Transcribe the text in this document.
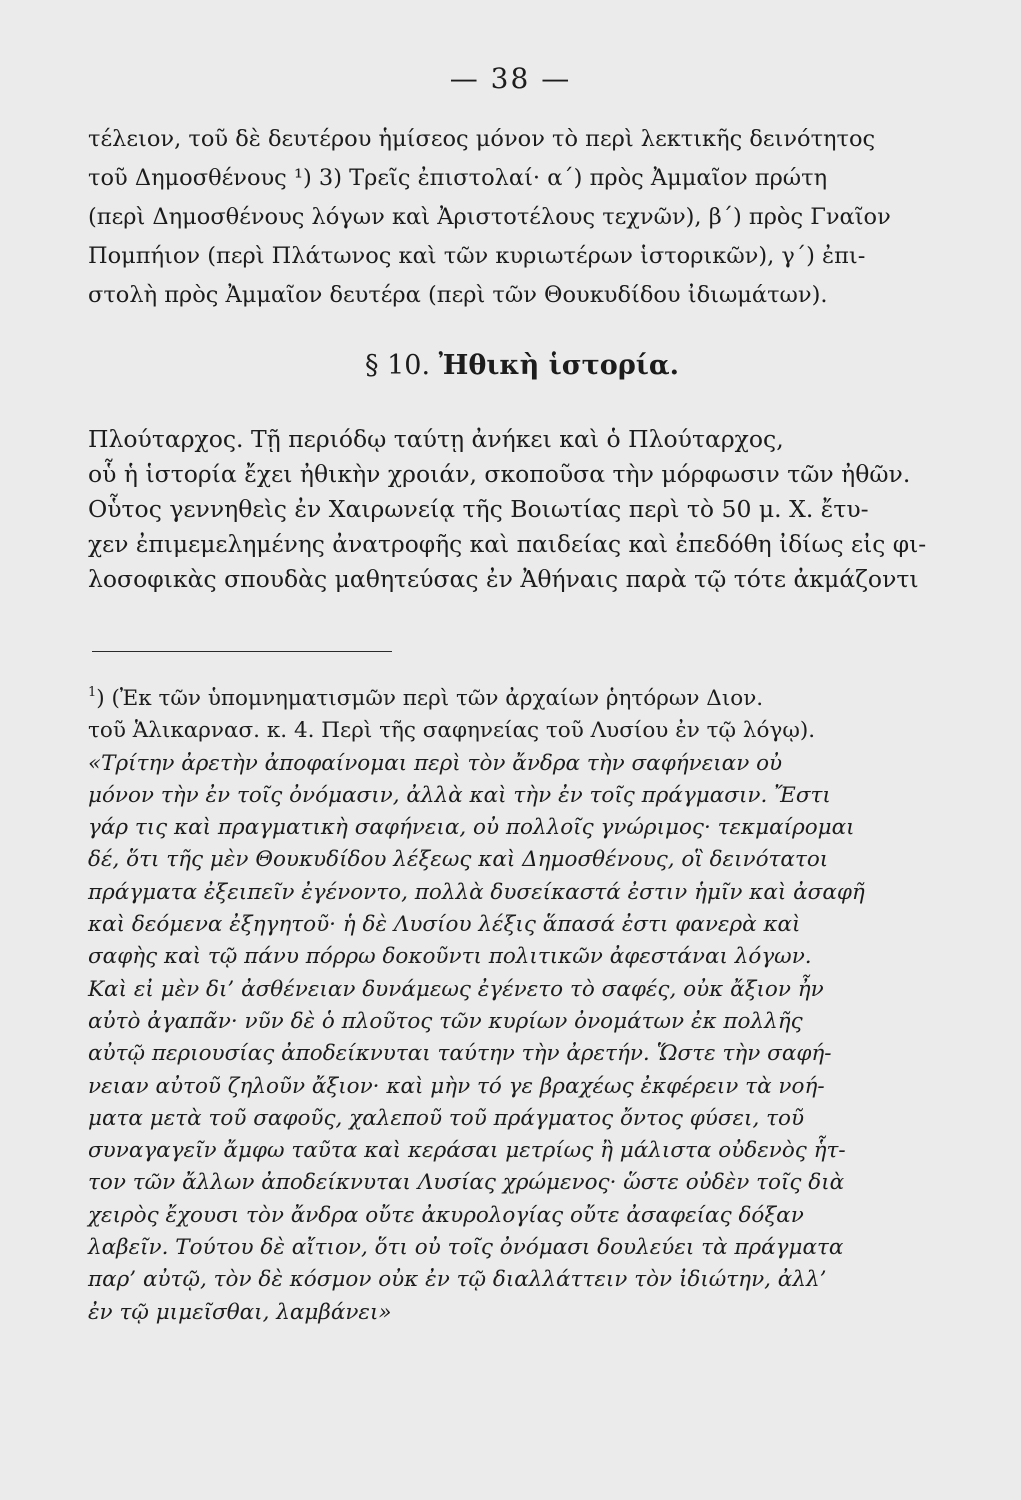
— 38 —
τέλειον, τοῦ δὲ δευτέρου ἡμίσεος μόνον τὸ περὶ λεκτικῆς δεινότητος
τοῦ Δημοσθένους ¹) 3) Τρεῖς ἐπιστολαί· α΄) πρὸς Ἀμμαῖον πρώτη
(περὶ Δημοσθένους λόγων καὶ Ἀριστοτέλους τεχνῶν), β΄) πρὸς Γναῖον
Πομπήιον (περὶ Πλάτωνος καὶ τῶν κυριωτέρων ἱστορικῶν), γ΄) ἐπι-
στολὴ πρὸς Ἀμμαῖον δευτέρα (περὶ τῶν Θουκυδίδου ἰδιωμάτων).
§ 10. Ἠθικὴ ἱστορία.
Πλούταρχος. Τῇ περιόδῳ ταύτῃ ἀνήκει καὶ ὁ Πλούταρχος,
οὗ ἡ ἱστορία ἔχει ἠθικὴν χροιάν, σκοποῦσα τὴν μόρφωσιν τῶν ἠθῶν.
Οὗτος γεννηθεὶς ἐν Χαιρωνείᾳ τῆς Βοιωτίας περὶ τὸ 50 μ. Χ. ἔτυ-
χεν ἐπιμεμελημένης ἀνατροφῆς καὶ παιδείας καὶ ἐπεδόθη ἰδίως εἰς φι-
λοσοφικὰς σπουδὰς μαθητεύσας ἐν Ἀθήναις παρὰ τῷ τότε ἀκμάζοντι
$^1$) (Ἐκ τῶν ὑπομνηματισμῶν περὶ τῶν ἀρχαίων ῥητόρων Διον.
τοῦ Ἁλικαρνασ. κ. 4. Περὶ τῆς σαφηνείας τοῦ Λυσίου ἐν τῷ λόγῳ).
«Τρίτην ἀρετὴν ἀποφαίνομαι περὶ τὸν ἄνδρα τὴν σαφήνειαν οὐ
μόνον τὴν ἐν τοῖς ὀνόμασιν, ἀλλὰ καὶ τὴν ἐν τοῖς πράγμασιν. Ἔστι
γάρ τις καὶ πραγματικὴ σαφήνεια, οὐ πολλοῖς γνώριμος· τεκμαίρομαι
δέ, ὅτι τῆς μὲν Θουκυδίδου λέξεως καὶ Δημοσθένους, οἳ δεινότατοι
πράγματα ἐξειπεῖν ἐγένοντο, πολλὰ δυσείκαστά ἐστιν ἡμῖν καὶ ἀσαφῆ
καὶ δεόμενα ἐξηγητοῦ· ἡ δὲ Λυσίου λέξις ἅπασά ἐστι φανερὰ καὶ
σαφὴς καὶ τῷ πάνυ πόρρω δοκοῦντι πολιτικῶν ἀφεστάναι λόγων.
Καὶ εἰ μὲν δι’ ἀσθένειαν δυνάμεως ἐγένετο τὸ σαφές, οὐκ ἄξιον ἦν
αὐτὸ ἀγαπᾶν· νῦν δὲ ὁ πλοῦτος τῶν κυρίων ὀνομάτων ἐκ πολλῆς
αὐτῷ περιουσίας ἀποδείκνυται ταύτην τὴν ἀρετήν. Ὥστε τὴν σαφή-
νειαν αὐτοῦ ζηλοῦν ἄξιον· καὶ μὴν τό γε βραχέως ἐκφέρειν τὰ νοή-
ματα μετὰ τοῦ σαφοῦς, χαλεποῦ τοῦ πράγματος ὄντος φύσει, τοῦ
συναγαγεῖν ἄμφω ταῦτα καὶ κεράσαι μετρίως ἢ μάλιστα οὐδενὸς ἧτ-
τον τῶν ἄλλων ἀποδείκνυται Λυσίας χρώμενος· ὥστε οὐδὲν τοῖς διὰ
χειρὸς ἔχουσι τὸν ἄνδρα οὔτε ἀκυρολογίας οὔτε ἀσαφείας δόξαν
λαβεῖν. Τούτου δὲ αἴτιον, ὅτι οὐ τοῖς ὀνόμασι δουλεύει τὰ πράγματα
παρ’ αὐτῷ, τὸν δὲ κόσμον οὐκ ἐν τῷ διαλλάττειν τὸν ἰδιώτην, ἀλλ’
ἐν τῷ μιμεῖσθαι, λαμβάνει»
